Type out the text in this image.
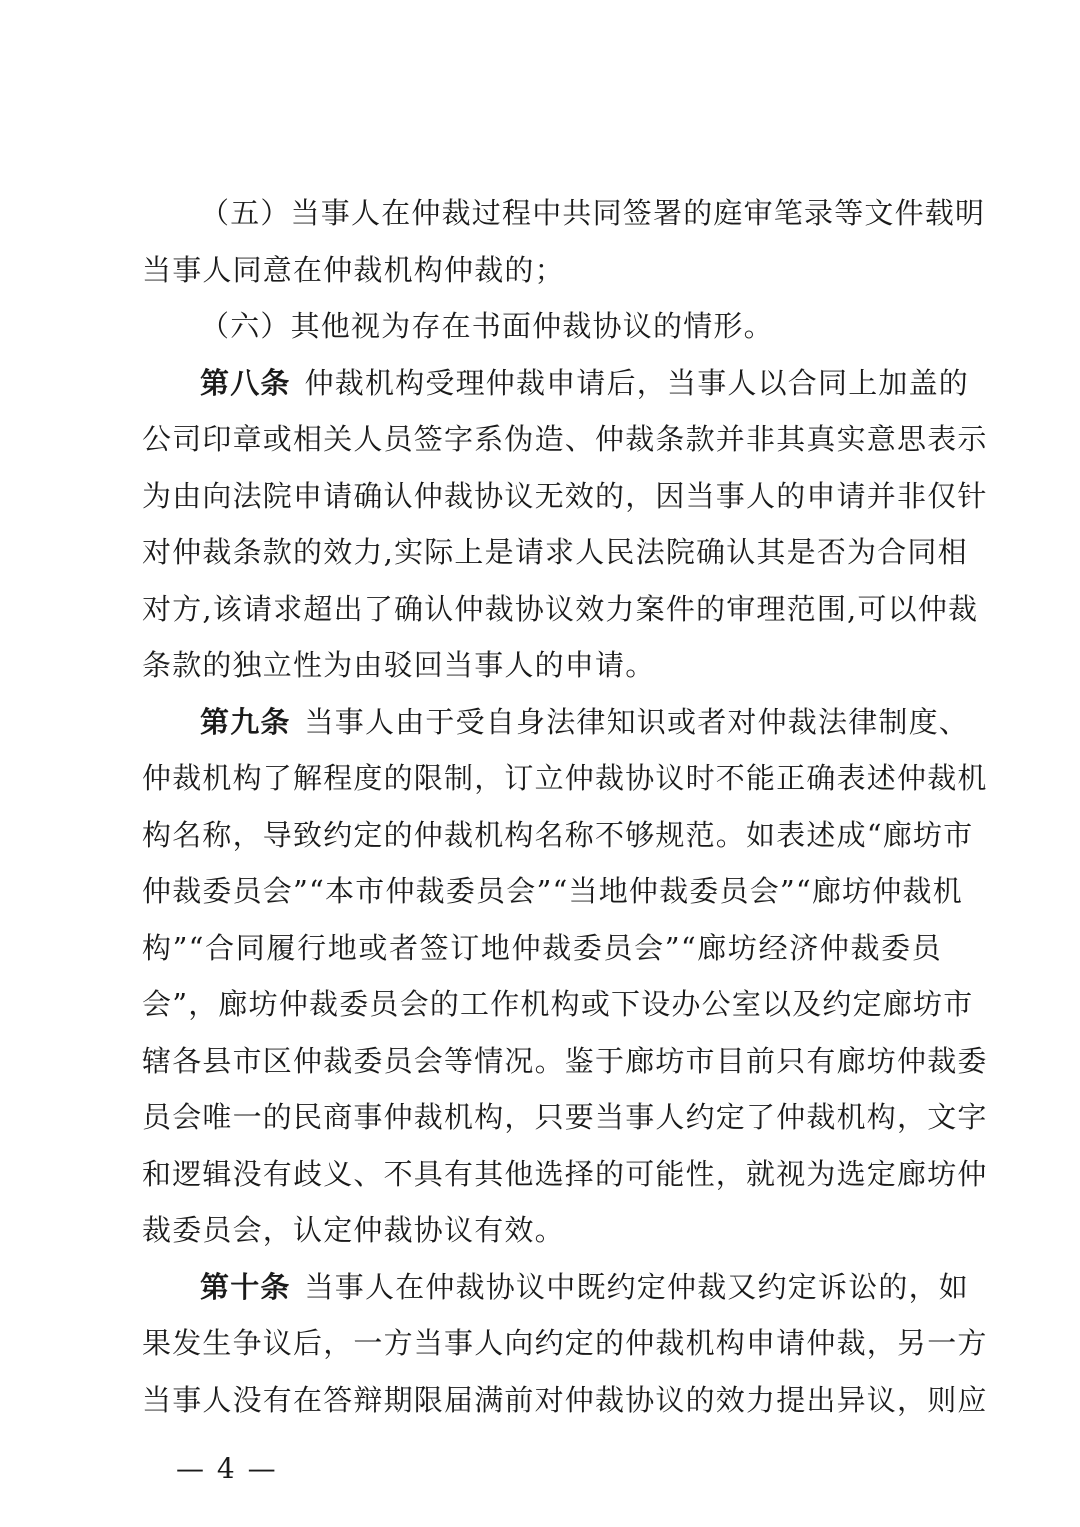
（五）当事人在仲裁过程中共同签署的庭审笔录等文件载明
当事人同意在仲裁机构仲裁的；
（六）其他视为存在书面仲裁协议的情形。
第八条 仲裁机构受理仲裁申请后，当事人以合同上加盖的
公司印章或相关人员签字系伪造、仲裁条款并非其真实意思表示
为由向法院申请确认仲裁协议无效的，因当事人的申请并非仅针
对仲裁条款的效力,实际上是请求人民法院确认其是否为合同相
对方,该请求超出了确认仲裁协议效力案件的审理范围,可以仲裁
条款的独立性为由驳回当事人的申请。
第九条 当事人由于受自身法律知识或者对仲裁法律制度、
仲裁机构了解程度的限制，订立仲裁协议时不能正确表述仲裁机
构名称，导致约定的仲裁机构名称不够规范。如表述成“廊坊市
仲裁委员会”“本市仲裁委员会”“当地仲裁委员会”“廊坊仲裁机
构”“合同履行地或者签订地仲裁委员会”“廊坊经济仲裁委员
会”，廊坊仲裁委员会的工作机构或下设办公室以及约定廊坊市
辖各县市区仲裁委员会等情况。鉴于廊坊市目前只有廊坊仲裁委
员会唯一的民商事仲裁机构，只要当事人约定了仲裁机构，文字
和逻辑没有歧义、不具有其他选择的可能性，就视为选定廊坊仲
裁委员会，认定仲裁协议有效。
第十条 当事人在仲裁协议中既约定仲裁又约定诉讼的，如
果发生争议后，一方当事人向约定的仲裁机构申请仲裁，另一方
当事人没有在答辩期限届满前对仲裁协议的效力提出异议，则应
— 4 —
